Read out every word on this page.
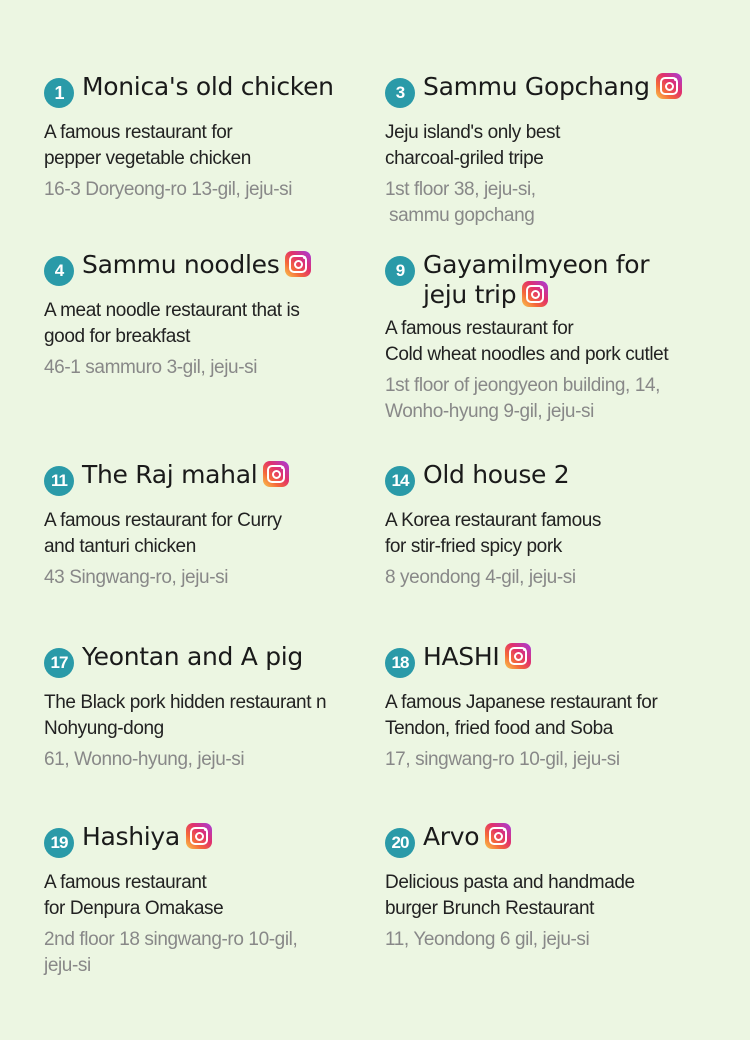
1 Monica's old chicken
A famous restaurant for
pepper vegetable chicken
16-3 Doryeong-ro 13-gil, jeju-si
3 Sammu Gopchang
Jeju island's only best
charcoal-griled tripe
1st floor 38, jeju-si,
sammu gopchang
4 Sammu noodles
A meat noodle restaurant that is
good for breakfast
46-1 sammuro 3-gil, jeju-si
9 Gayamilmyeon for
jeju trip
A famous restaurant for
Cold wheat noodles and pork cutlet
1st floor of jeongyeon building, 14,
Wonho-hyung 9-gil, jeju-si
11 The Raj mahal
A famous restaurant for Curry
and tanturi chicken
43 Singwang-ro, jeju-si
14 Old house 2
A Korea restaurant famous
for stir-fried spicy pork
8 yeondong 4-gil, jeju-si
17 Yeontan and A pig
The Black pork hidden restaurant n
Nohyung-dong
61, Wonno-hyung, jeju-si
18 HASHI
A famous Japanese restaurant for
Tendon, fried food and Soba
17, singwang-ro 10-gil, jeju-si
19 Hashiya
A famous restaurant
for Denpura Omakase
2nd floor 18 singwang-ro 10-gil,
jeju-si
20 Arvo
Delicious pasta and handmade
burger Brunch Restaurant
11, Yeondong 6 gil, jeju-si
